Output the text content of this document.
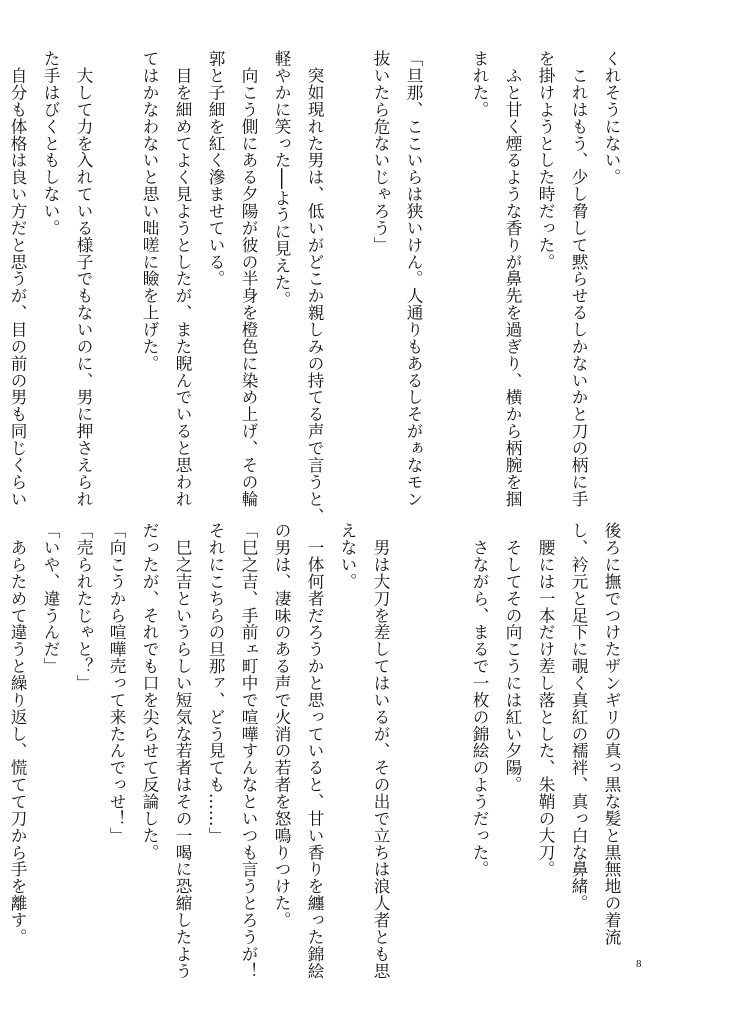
くれそうにない。
　これはもう、少し脅して黙らせるしかないかと刀の柄に手
を掛けようとした時だった。
　ふと甘く煙るような香りが鼻先を過ぎり、横から柄腕を掴
まれた。

「旦那、ここいらは狭いけん。人通りもあるしそがぁなモン
抜いたら危ないじゃろう」

　突如現れた男は、低いがどこか親しみの持てる声で言うと、
軽やかに笑った──ように見えた。
　向こう側にある夕陽が彼の半身を橙色に染め上げ、その輪
郭と子細を紅く滲ませている。
　目を細めてよく見ようとしたが、また睨んでいると思われ
てはかなわないと思い咄嗟に瞼を上げた。

　大して力を入れている様子でもないのに、男に押さえられ
た手はびくともしない。
　自分も体格は良い方だと思うが、目の前の男も同じくらい

後ろに撫でつけたザンギリの真っ黒な髪と黒無地の着流
し、衿元と足下に覗く真紅の襦袢、真っ白な鼻緒。
　腰には一本だけ差し落とした、朱鞘の大刀。
　そしてその向こうには紅い夕陽。
　さながら、まるで一枚の錦絵のようだった。

　男は大刀を差してはいるが、その出で立ちは浪人者とも思
えない。
　一体何者だろうかと思っていると、甘い香りを纏った錦絵
の男は、凄味のある声で火消の若者を怒鳴りつけた。
「巳之吉、手前ェ町中で喧嘩すんなといつも言うとろうが！
それにこちらの旦那ァ、どう見ても……」
　巳之吉というらしい短気な若者はその一喝に恐縮したよう
だったが、それでも口を尖らせて反論した。
「向こうから喧嘩売って来たんでっせ！」
「売られたじゃと？」
「いや、違うんだ」
　あらためて違うと繰り返し、慌てて刀から手を離す。
8
